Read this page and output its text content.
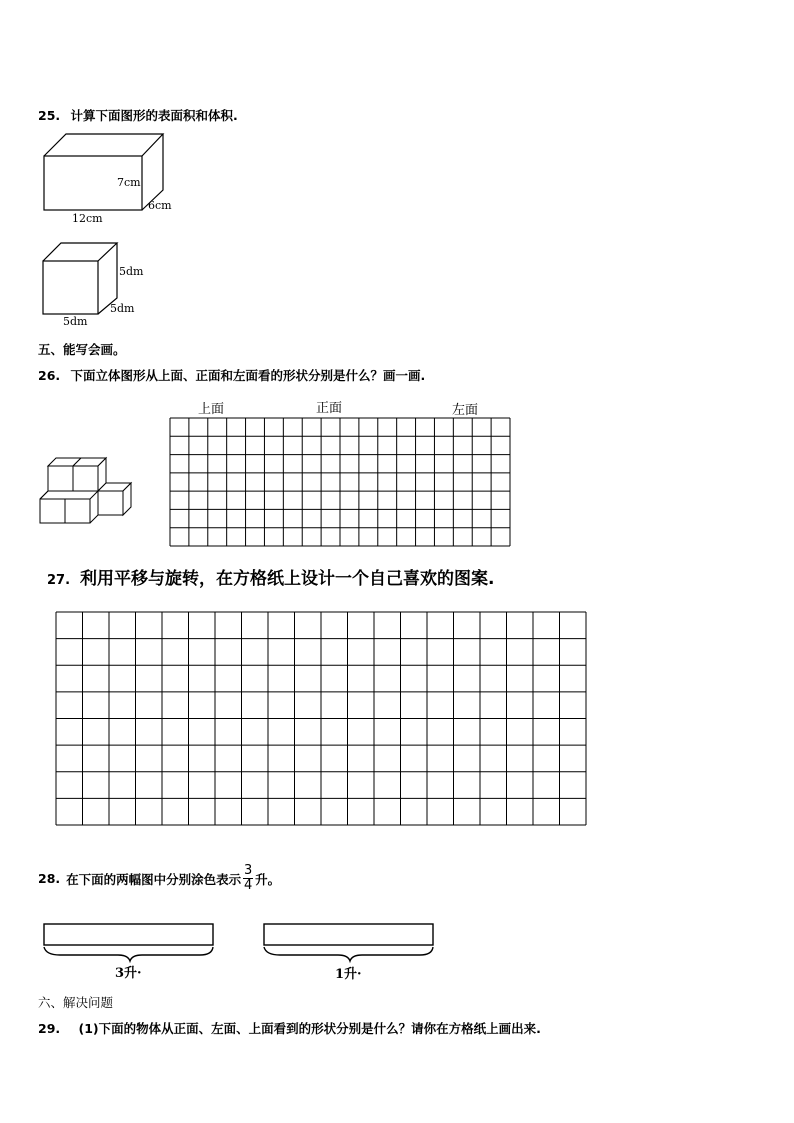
25. 计算下面图形的表面积和体积.
7cm
6cm
12cm
5dm
5dm
5dm
五、能写会画。
26. 下面立体图形从上面、正面和左面看的形状分别是什么？画一画.
上面	正面	左面
27. 利用平移与旋转，在方格纸上设计一个自己喜欢的图案.
28. 在下面的两幅图中分别涂色表示 $\frac{3}{4}$ 升。
3升·	1升·
六、解决问题
29. (1)下面的物体从正面、左面、上面看到的形状分别是什么？请你在方格纸上画出来.
